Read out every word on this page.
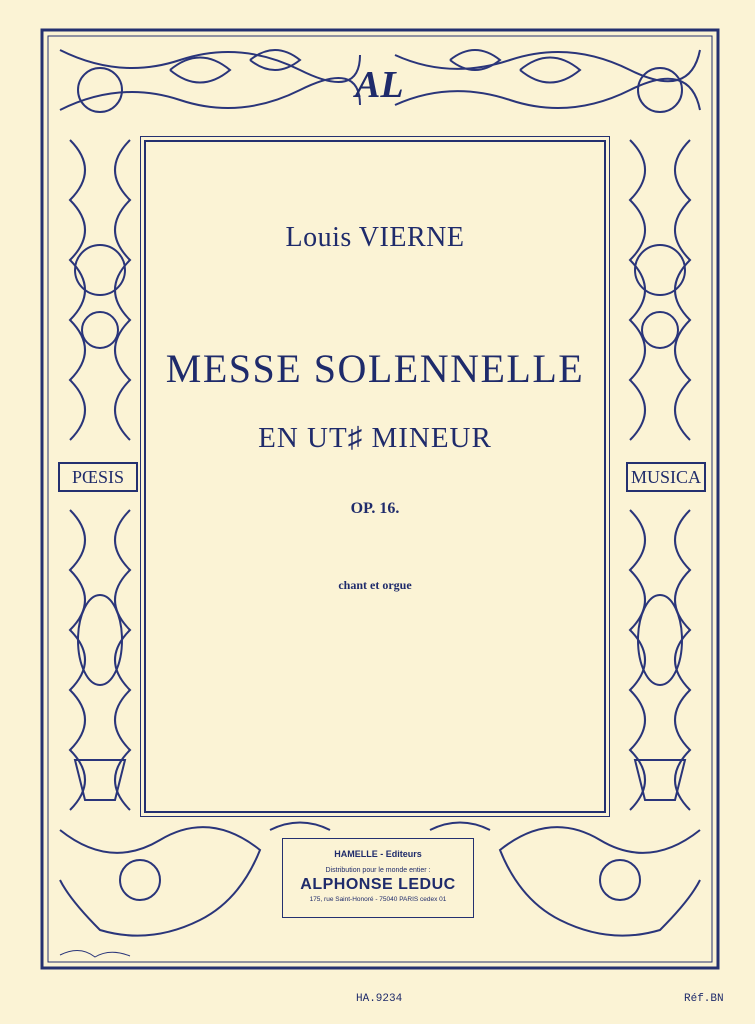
AL
PŒSIS	MUSICA
Louis VIERNE
MESSE SOLENNELLE
EN UT♯ MINEUR
OP. 16.
chant et orgue
HAMELLE - Editeurs
Distribution pour le monde entier :
ALPHONSE LEDUC
175, rue Saint-Honoré - 75040 PARIS cedex 01
HA.9234	Réf.BN
